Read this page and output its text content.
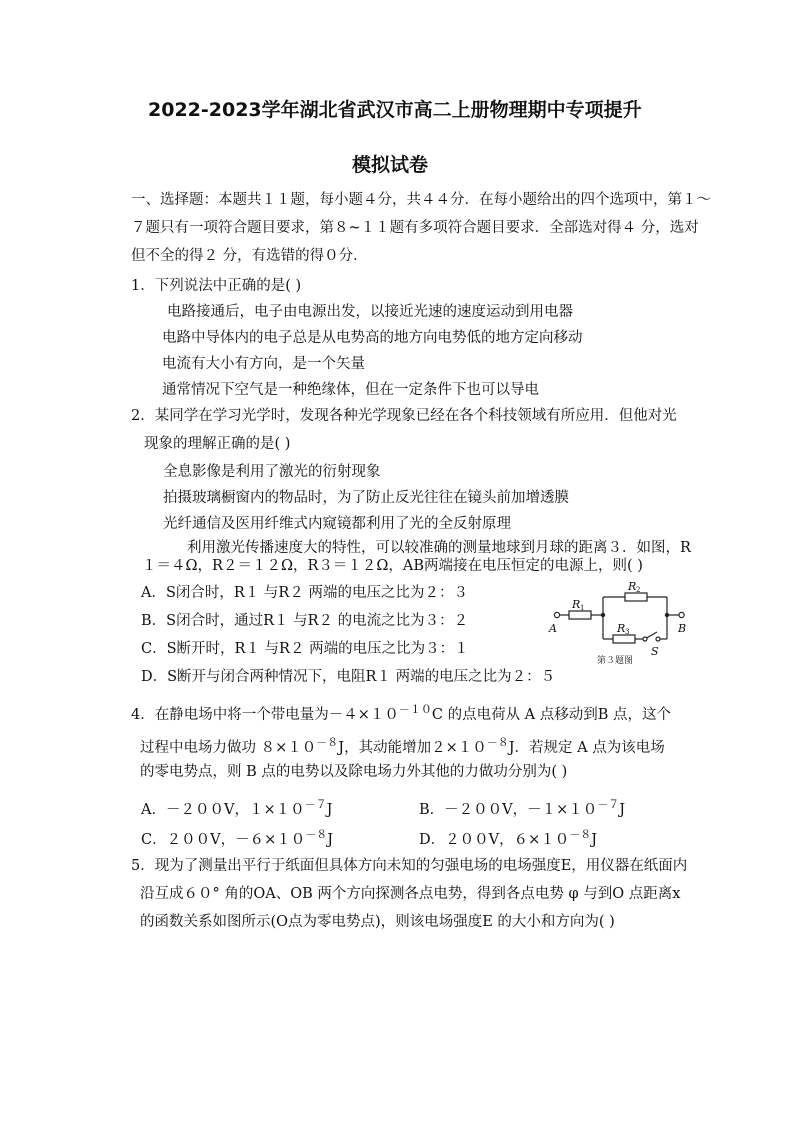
2022-2023学年湖北省武汉市高二上册物理期中专项提升
模拟试卷
一、选择题：本题共１１题，每小题４分，共４４分．在每小题给出的四个选项中，第１～
７题只有一项符合题目要求，第８~１１题有多项符合题目要求．全部选对得４ 分，选对
但不全的得２ 分，有选错的得０分．
1．下列说法中正确的是( )
电路接通后，电子由电源出发，以接近光速的速度运动到用电器
电路中导体内的电子总是从电势高的地方向电势低的地方定向移动
电流有大小有方向，是一个矢量
通常情况下空气是一种绝缘体，但在一定条件下也可以导电
2．某同学在学习光学时，发现各种光学现象已经在各个科技领域有所应用．但他对光
现象的理解正确的是( )
全息影像是利用了激光的衍射现象
拍摄玻璃橱窗内的物品时，为了防止反光往往在镜头前加增透膜
光纤通信及医用纤维式内窥镜都利用了光的全反射原理
利用激光传播速度大的特性，可以较准确的测量地球到月球的距离３．如图，R
１＝４Ω，R２＝１２Ω，R３＝１２Ω，AB两端接在电压恒定的电源上，则( )
A．S闭合时，R１ 与R２ 两端的电压之比为２：３
B．S闭合时，通过R１ 与R２ 的电流之比为３：２
C．S断开时，R１ 与R２ 两端的电压之比为３：１
D．S断开与闭合两种情况下，电阻R１ 两端的电压之比为２：５
A	B
R 1
R 2
R 3
S
第３题图
4．在静电场中将一个带电量为$-4\times 10^{-10}C$ 的点电荷从 A 点移动到B 点，这个
过程中电场力做功 $8\times 10^{-8}J$，其动能增加$2\times 10^{-8}J$．若规定 A 点为该电场
的零电势点，则 B 点的电势以及除电场力外其他的力做功分别为( )
A．－２００V，$1\times 10^{-7}J$	B．－２００V，$-1\times 10^{-7}J$
C．２００V，$-6\times 10^{-8}J$	D．２００V，$6\times 10^{-8}J$
5．现为了测量出平行于纸面但具体方向未知的匀强电场的电场强度E，用仪器在纸面内
沿互成６０° 角的OA、OB 两个方向探测各点电势，得到各点电势 φ 与到O 点距离x
的函数关系如图所示(O点为零电势点)，则该电场强度E 的大小和方向为( )
